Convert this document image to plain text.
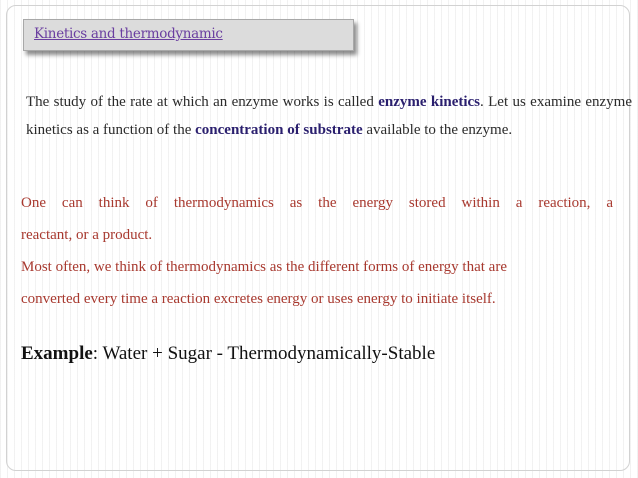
Kinetics and thermodynamic
The study of the rate at which an enzyme works is called enzyme kinetics. Let us examine enzyme kinetics as a function of the concentration of substrate available to the enzyme.
One can think of thermodynamics as the energy stored within a reaction, a
reactant, or a product.
Most often, we think of thermodynamics as the different forms of energy that are
converted every time a reaction excretes energy or uses energy to initiate itself.
Example: Water + Sugar - Thermodynamically-Stable
